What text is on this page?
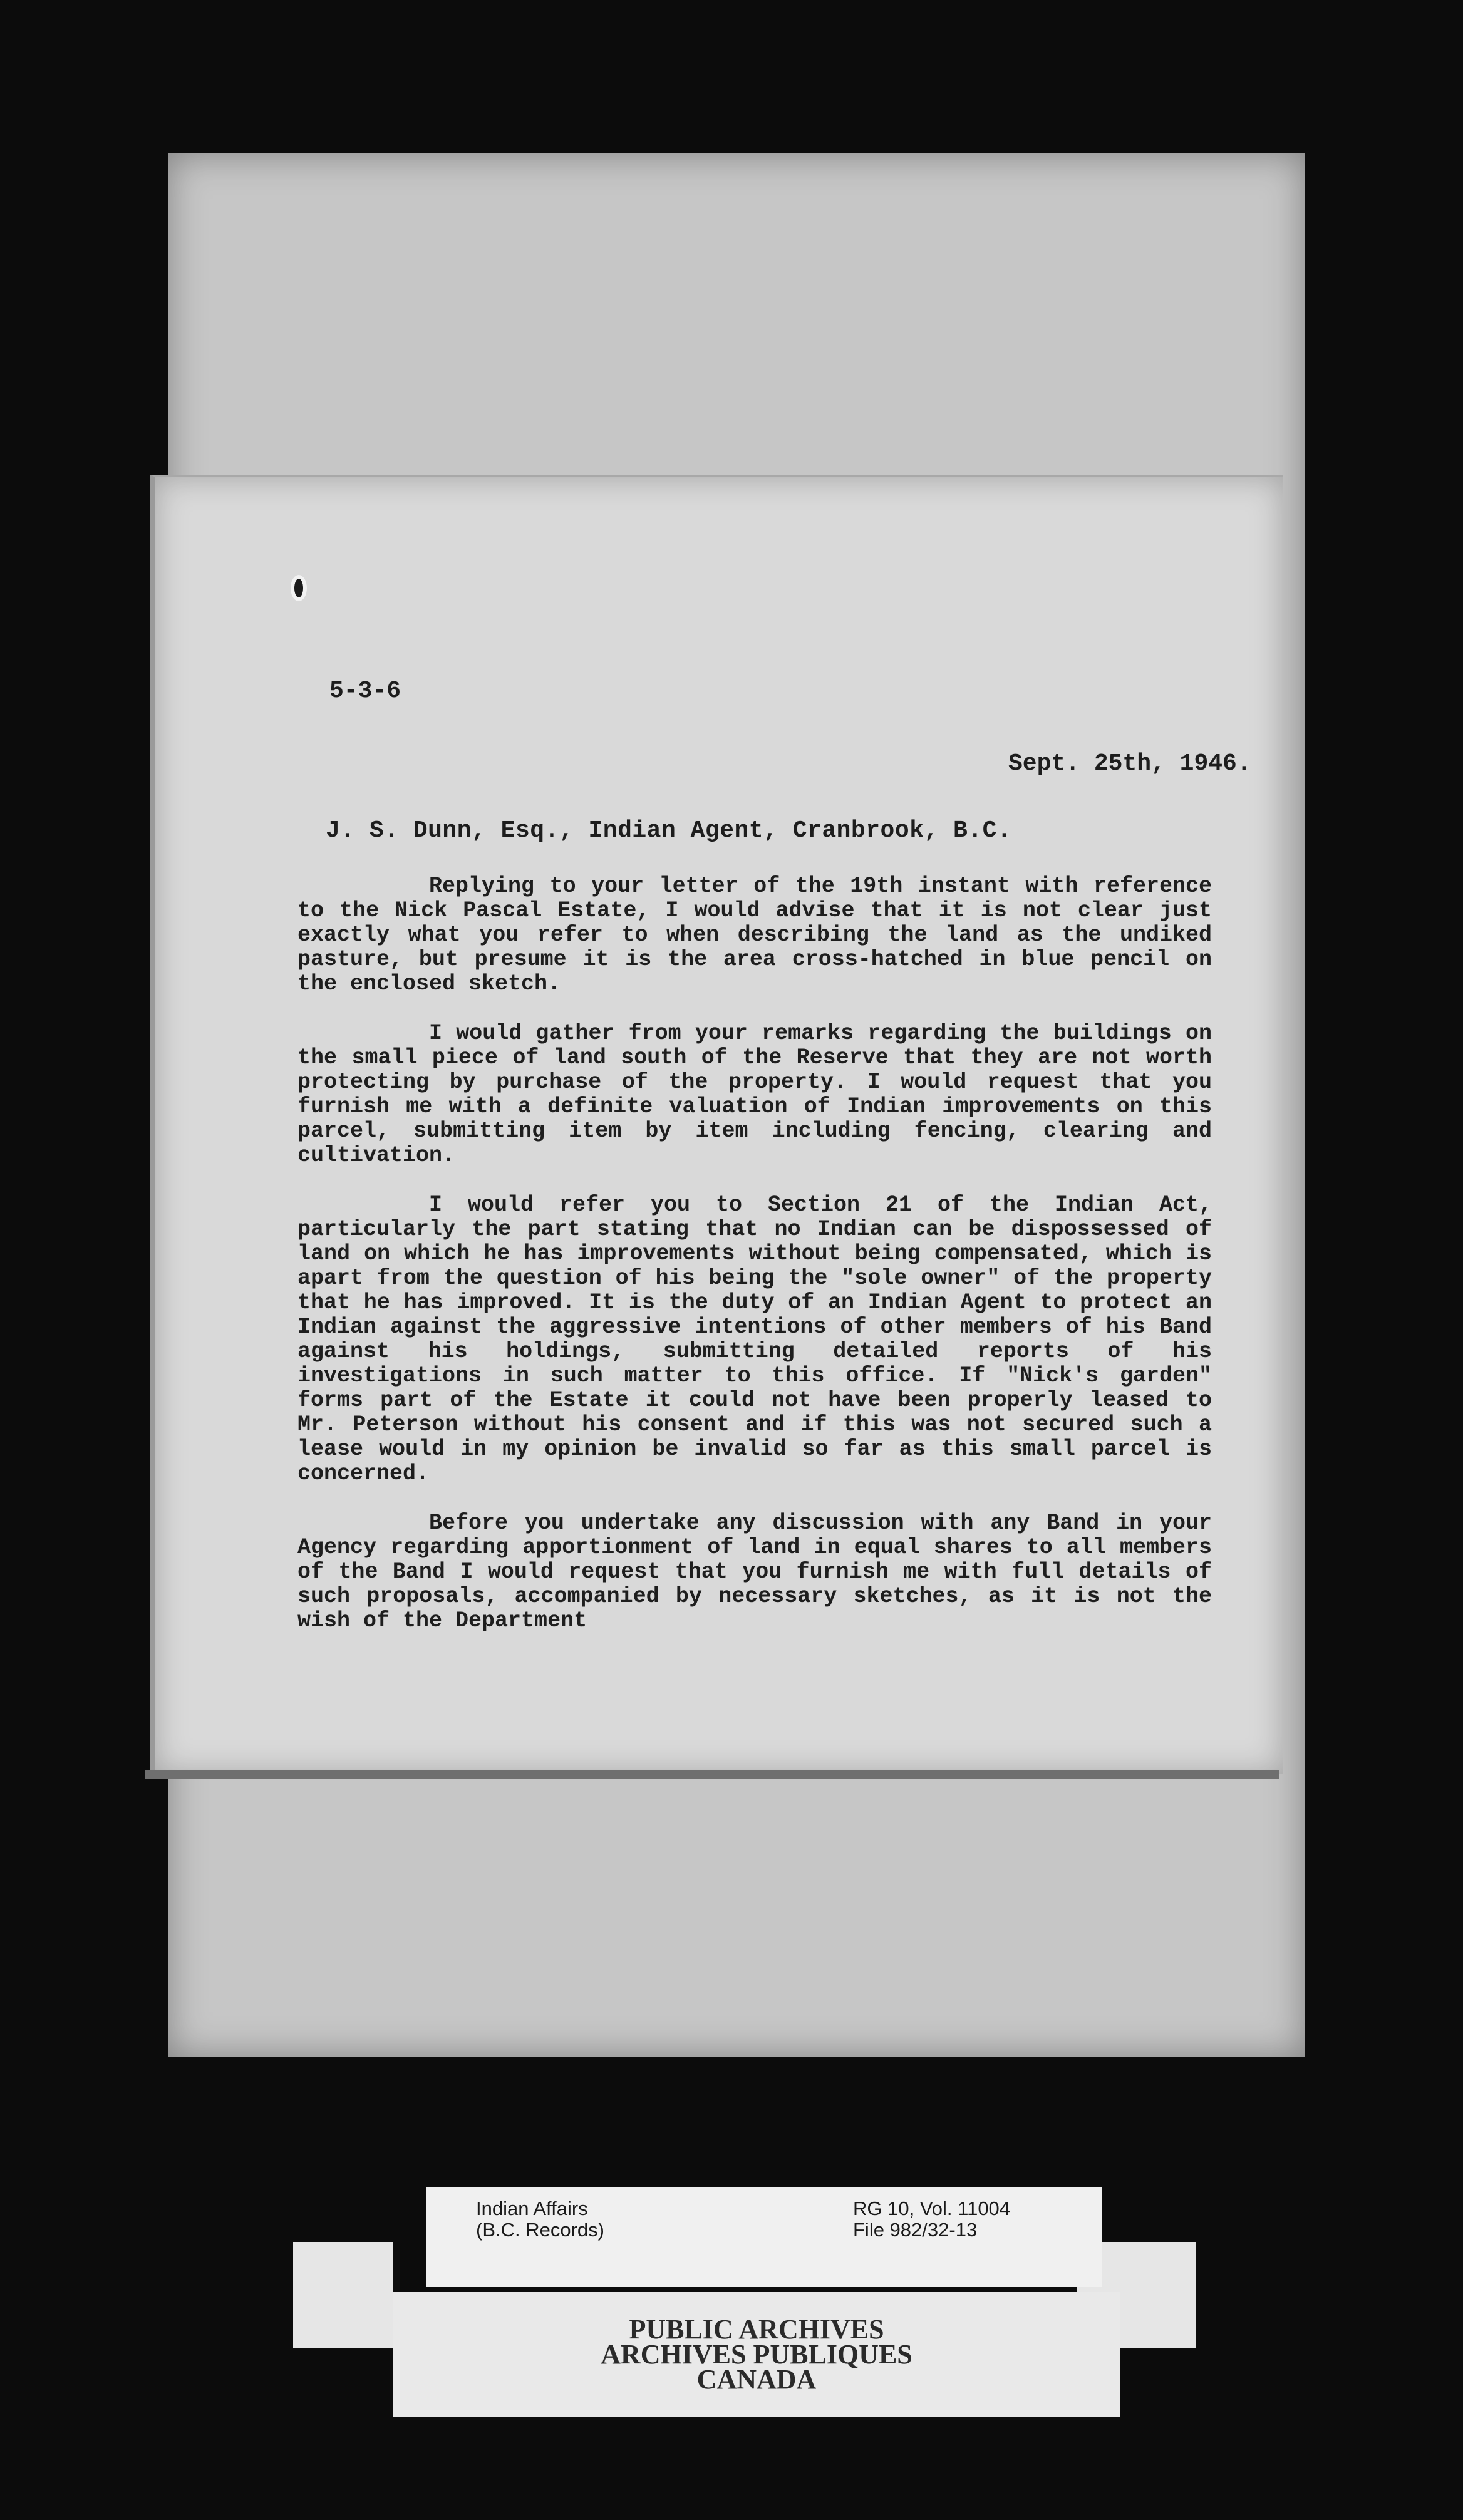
5-3-6
Sept. 25th, 1946.
J. S. Dunn, Esq., Indian Agent, Cranbrook, B.C.

Replying to your letter of the 19th instant with reference to the Nick Pascal Estate, I would advise that it is not clear just exactly what you refer to when describing the land as the undiked pasture, but presume it is the area cross-hatched in blue pencil on the enclosed sketch.

I would gather from your remarks regarding the buildings on the small piece of land south of the Reserve that they are not worth protecting by purchase of the property. I would request that you furnish me with a definite valuation of Indian improvements on this parcel, submitting item by item including fencing, clearing and cultivation.

I would refer you to Section 21 of the Indian Act, particularly the part stating that no Indian can be dispossessed of land on which he has improvements without being compensated, which is apart from the question of his being the "sole owner" of the property that he has improved. It is the duty of an Indian Agent to protect an Indian against the aggressive intentions of other members of his Band against his holdings, submitting detailed reports of his investigations in such matter to this office. If "Nick's garden" forms part of the Estate it could not have been properly leased to Mr. Peterson without his consent and if this was not secured such a lease would in my opinion be invalid so far as this small parcel is concerned.

Before you undertake any discussion with any Band in your Agency regarding apportionment of land in equal shares to all members of the Band I would request that you furnish me with full details of such proposals, accompanied by necessary sketches, as it is not the wish of the Department

Indian Affairs
(B.C. Records)
RG 10, Vol. 11004
File 982/32-13
PUBLIC ARCHIVES
ARCHIVES PUBLIQUES
CANADA
